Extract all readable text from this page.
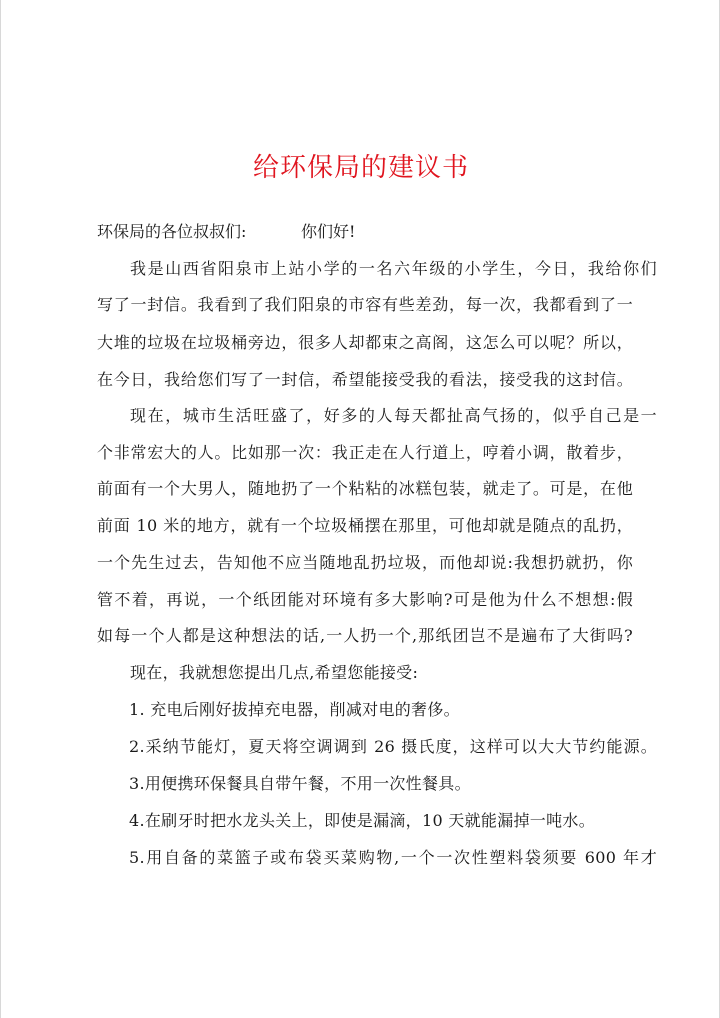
给环保局的建议书
环保局的各位叔叔们:	你们好!
我是山西省阳泉市上站小学的一名六年级的小学生，今日，我给你们
写了一封信。我看到了我们阳泉的市容有些差劲，每一次，我都看到了一
大堆的垃圾在垃圾桶旁边，很多人却都束之高阁，这怎么可以呢？所以，
在今日，我给您们写了一封信，希望能接受我的看法，接受我的这封信。
现在，城市生活旺盛了，好多的人每天都扯高气扬的，似乎自己是一
个非常宏大的人。比如那一次：我正走在人行道上，哼着小调，散着步，
前面有一个大男人，随地扔了一个粘粘的冰糕包装，就走了。可是，在他
前面 10 米的地方，就有一个垃圾桶摆在那里，可他却就是随点的乱扔，
一个先生过去，告知他不应当随地乱扔垃圾，而他却说:我想扔就扔，你
管不着，再说，一个纸团能对环境有多大影响?可是他为什么不想想:假
如每一个人都是这种想法的话,一人扔一个,那纸团岂不是遍布了大街吗?
现在，我就想您提出几点,希望您能接受:
1. 充电后刚好拔掉充电器，削减对电的奢侈。
2.采纳节能灯，夏天将空调调到 26 摄氏度，这样可以大大节约能源。
3.用便携环保餐具自带午餐，不用一次性餐具。
4.在刷牙时把水龙头关上，即使是漏滴，10 天就能漏掉一吨水。
5.用自备的菜篮子或布袋买菜购物,一个一次性塑料袋须要 600 年才
